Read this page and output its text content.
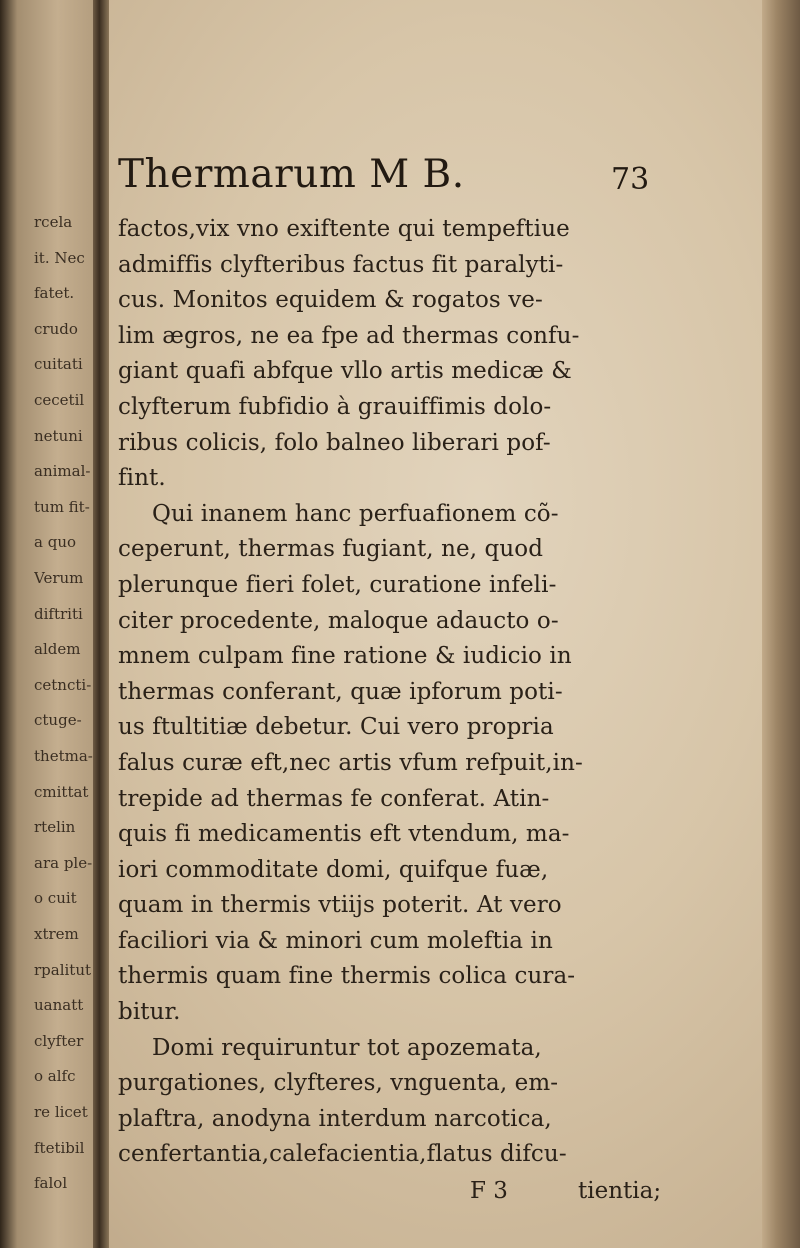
rcela
it. Nec
fatet.
crudo
cuitati
cecetil
netuni
animal-
tum fit-
a quo
Verum
diftriti
aldem
cetncti-
ctuge-
thetma-
cmittat
rtelin
ara ple-
o cuit
xtrem
rpalitut
uanatt
clyfter
o alfc
re licet
ftetibil
falol
Thermarum M B.	73
factos,vix vno exiftente qui tempeftiue
admiffis clyfteribus factus fit paralyti-
cus. Monitos equidem & rogatos ve-
lim ægros, ne ea fpe ad thermas confu-
giant quafi abfque vllo artis medicæ &
clyfterum fubfidio à grauiffimis dolo-
ribus colicis, folo balneo liberari pof-
fint.
Qui inanem hanc perfuafionem cõ-
ceperunt, thermas fugiant, ne, quod
plerunque fieri folet, curatione infeli-
citer procedente, maloque adaucto o-
mnem culpam fine ratione & iudicio in
thermas conferant, quæ ipforum poti-
us ftultitiæ debetur. Cui vero propria
falus curæ eft,nec artis vfum refpuit,in-
trepide ad thermas fe conferat. Atin-
quis fi medicamentis eft vtendum, ma-
iori commoditate domi, quifque fuæ,
quam in thermis vtiijs poterit. At vero
faciliori via & minori cum moleftia in
thermis quam fine thermis colica cura-
bitur.
Domi requiruntur tot apozemata,
purgationes, clyfteres, vnguenta, em-
plaftra, anodyna interdum narcotica,
cenfertantia,calefacientia,flatus difcu-
F 3	tientia;
